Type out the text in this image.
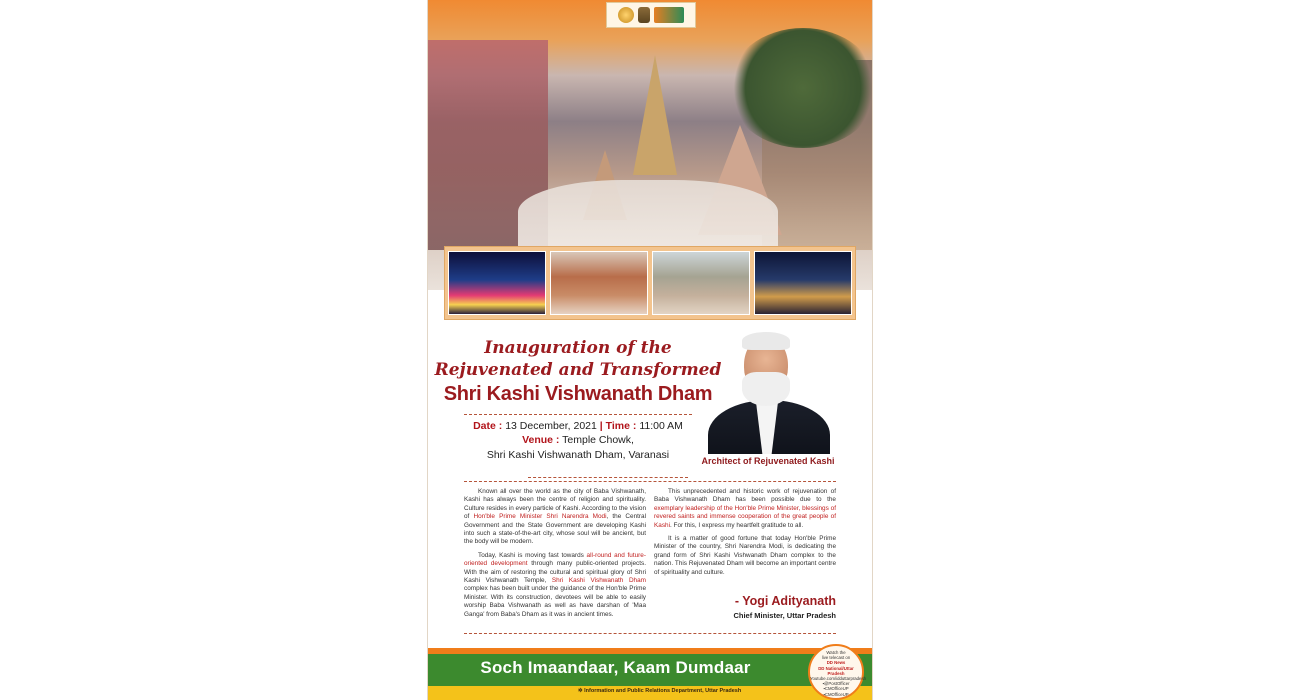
Inauguration of the
Rejuvenated and Transformed
Shri Kashi Vishwanath Dham
Date : 13 December, 2021 | Time : 11:00 AM
Venue : Temple Chowk,
Shri Kashi Vishwanath Dham, Varanasi	Architect of Rejuvenated Kashi

Known all over the world as the city of Baba Vishwanath, Kashi has always been the centre of religion and spirituality. Culture resides in every particle of Kashi. According to the vision of Hon'ble Prime Minister Shri Narendra Modi, the Central Government and the State Government are developing Kashi into such a state-of-the-art city, whose soul will be ancient, but the body will be modern.

Today, Kashi is moving fast towards all-round and future-oriented development through many public-oriented projects. With the aim of restoring the cultural and spiritual glory of Shri Kashi Vishwanath Temple, Shri Kashi Vishwanath Dham complex has been built under the guidance of the Hon'ble Prime Minister. With its construction, devotees will be able to easily worship Baba Vishwanath as well as have darshan of 'Maa Ganga' from Baba's Dham as it was in ancient times.

This unprecedented and historic work of rejuvenation of Baba Vishwanath Dham has been possible due to the exemplary leadership of the Hon'ble Prime Minister, blessings of revered saints and immense cooperation of the great people of Kashi. For this, I express my heartfelt gratitude to all.

It is a matter of good fortune that today Hon'ble Prime Minister of the country, Shri Narendra Modi, is dedicating the grand form of Shri Kashi Vishwanath Dham complex to the nation. This Rejuvenated Dham will become an important centre of spirituality and culture.

- Yogi Adityanath
Chief Minister, Uttar Pradesh
Soch Imaandaar, Kaam Dumdaar
✲ Information and Public Relations Department, Uttar Pradesh
Watch the
live telecast on
DD News
DD National/Uttar Pradesh
Youtube.com/idduttarpradesh
▪@PostOfficer
▪CMOfficeUP
▪CMOfficeUP
